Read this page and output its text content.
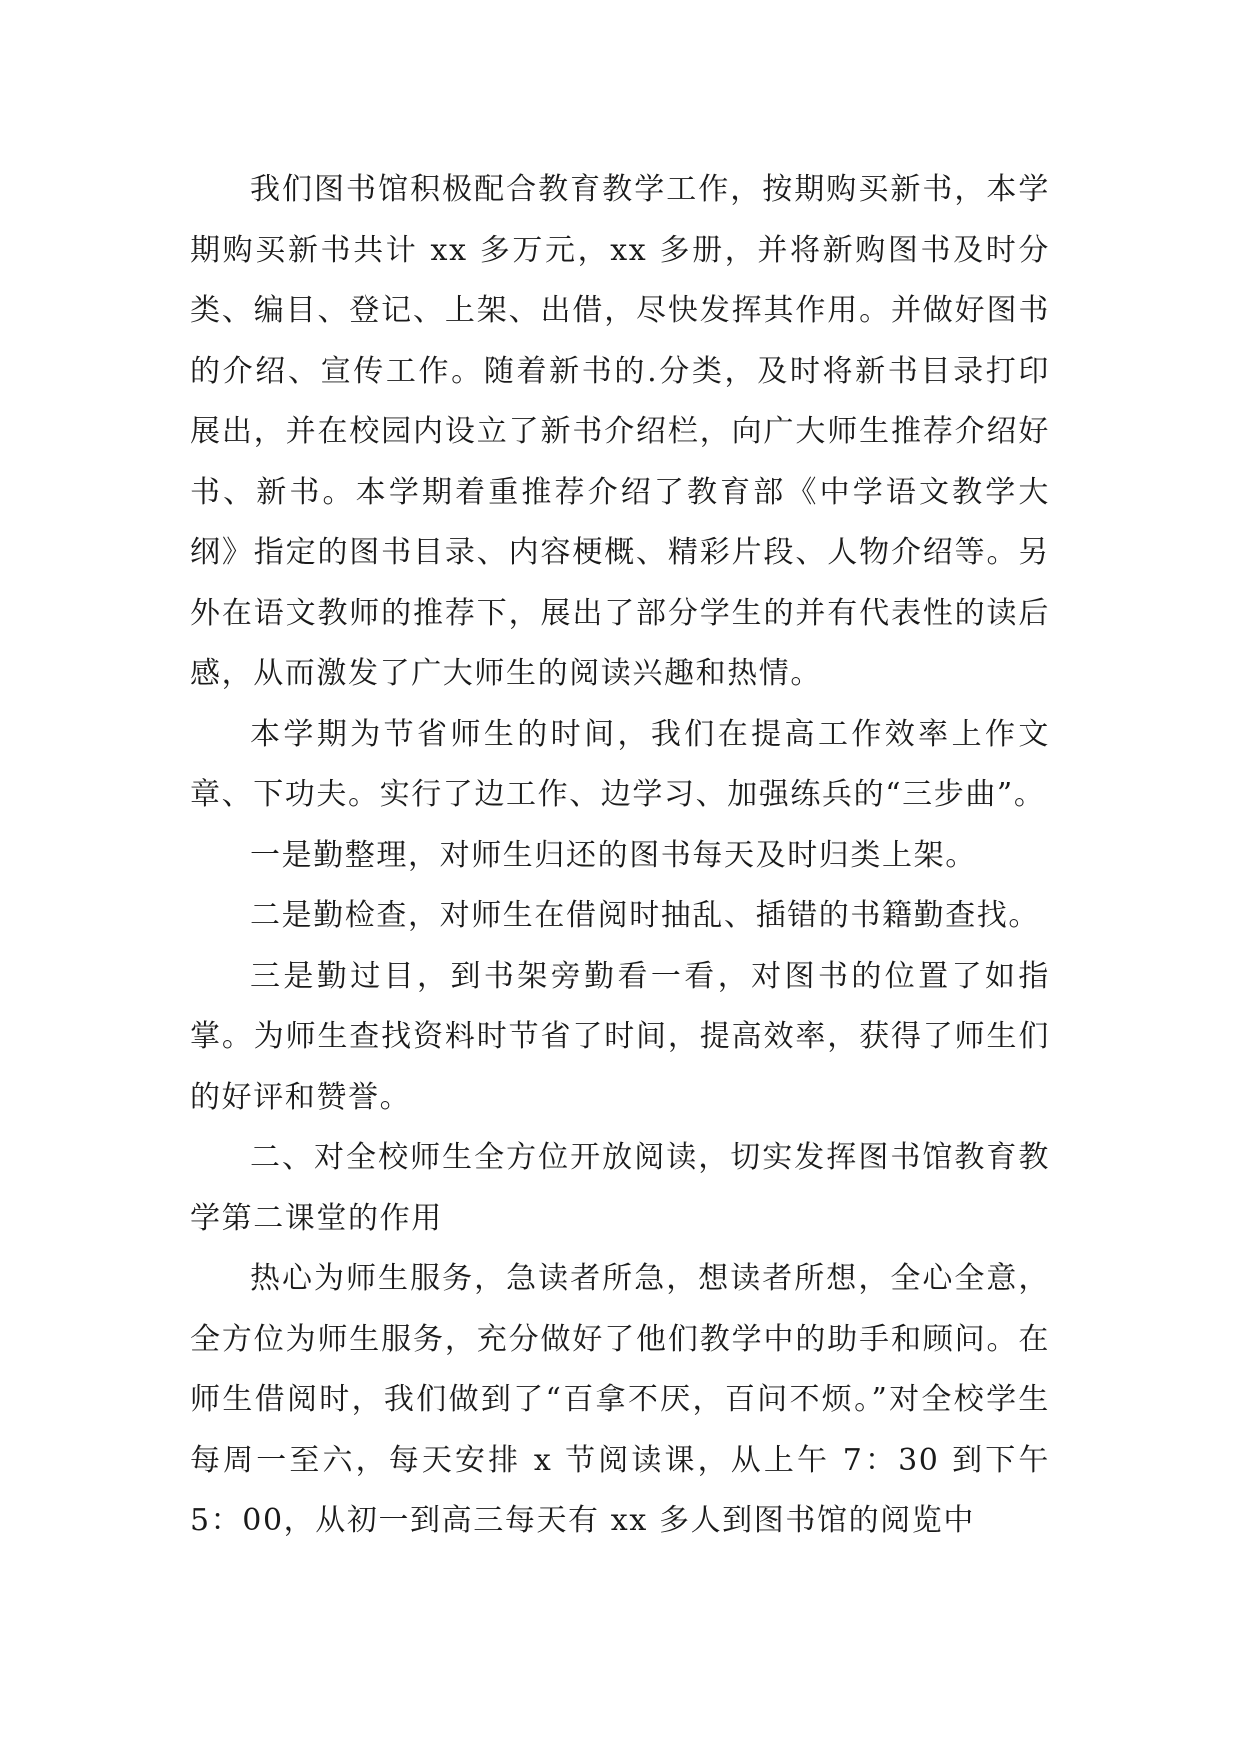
我们图书馆积极配合教育教学工作，按期购买新书，本学期购买新书共计 xx 多万元，xx 多册，并将新购图书及时分类、编目、登记、上架、出借，尽快发挥其作用。并做好图书的介绍、宣传工作。随着新书的.分类，及时将新书目录打印展出，并在校园内设立了新书介绍栏，向广大师生推荐介绍好书、新书。本学期着重推荐介绍了教育部《中学语文教学大纲》指定的图书目录、内容梗概、精彩片段、人物介绍等。另外在语文教师的推荐下，展出了部分学生的并有代表性的读后感，从而激发了广大师生的阅读兴趣和热情。

本学期为节省师生的时间，我们在提高工作效率上作文章、下功夫。实行了边工作、边学习、加强练兵的“三步曲”。

一是勤整理，对师生归还的图书每天及时归类上架。

二是勤检查，对师生在借阅时抽乱、插错的书籍勤查找。

三是勤过目，到书架旁勤看一看，对图书的位置了如指掌。为师生查找资料时节省了时间，提高效率，获得了师生们的好评和赞誉。

二、对全校师生全方位开放阅读，切实发挥图书馆教育教学第二课堂的作用

热心为师生服务，急读者所急，想读者所想，全心全意，全方位为师生服务，充分做好了他们教学中的助手和顾问。在师生借阅时，我们做到了“百拿不厌，百问不烦。”对全校学生每周一至六，每天安排 x 节阅读课，从上午 7：30 到下午 5：00，从初一到高三每天有 xx 多人到图书馆的阅览中
